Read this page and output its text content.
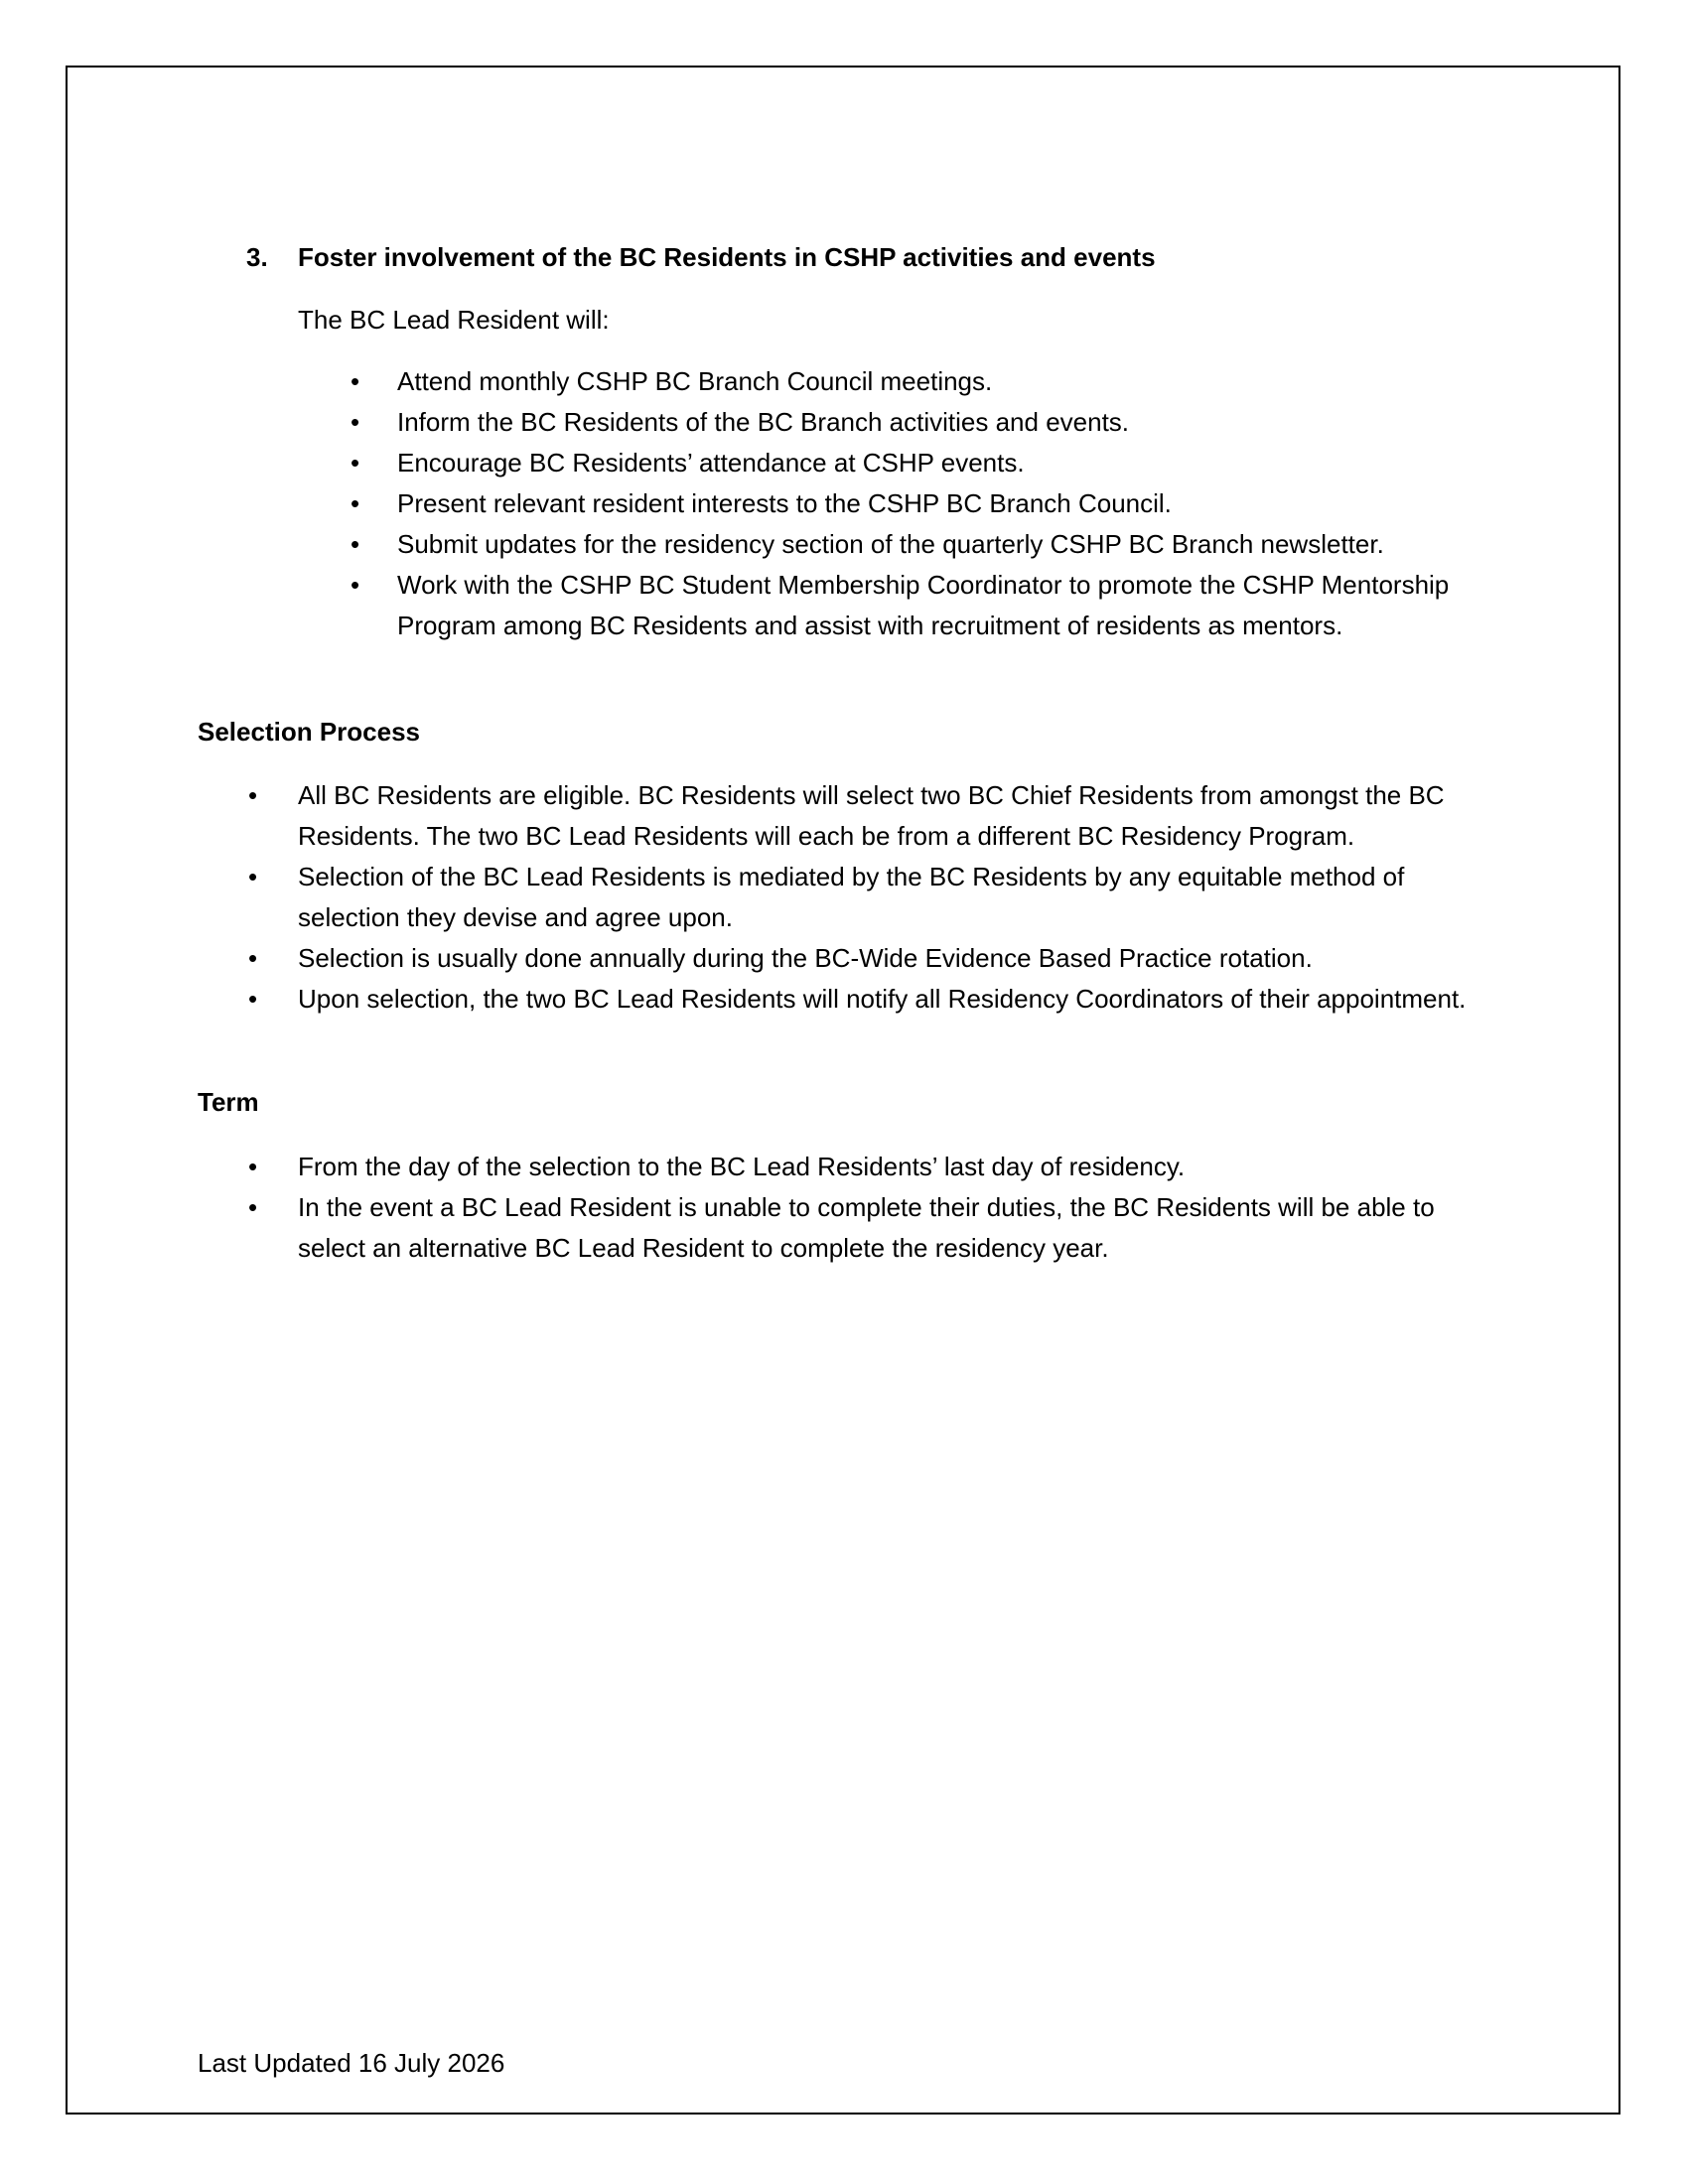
3. Foster involvement of the BC Residents in CSHP activities and events
The BC Lead Resident will:
• Attend monthly CSHP BC Branch Council meetings.
• Inform the BC Residents of the BC Branch activities and events.
• Encourage BC Residents’ attendance at CSHP events.
• Present relevant resident interests to the CSHP BC Branch Council.
• Submit updates for the residency section of the quarterly CSHP BC Branch newsletter.
• Work with the CSHP BC Student Membership Coordinator to promote the CSHP Mentorship Program among BC Residents and assist with recruitment of residents as mentors.
Selection Process
• All BC Residents are eligible. BC Residents will select two BC Chief Residents from amongst the BC Residents. The two BC Lead Residents will each be from a different BC Residency Program.
• Selection of the BC Lead Residents is mediated by the BC Residents by any equitable method of selection they devise and agree upon.
• Selection is usually done annually during the BC-Wide Evidence Based Practice rotation.
• Upon selection, the two BC Lead Residents will notify all Residency Coordinators of their appointment.
Term
• From the day of the selection to the BC Lead Residents’ last day of residency.
• In the event a BC Lead Resident is unable to complete their duties, the BC Residents will be able to select an alternative BC Lead Resident to complete the residency year.
Last Updated 16 July 2026
